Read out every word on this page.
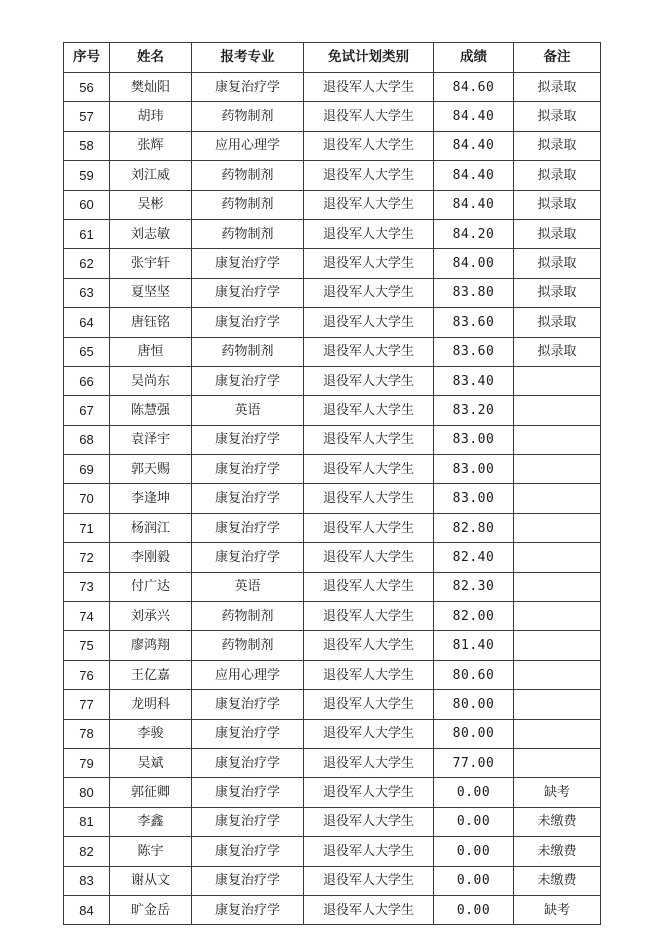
序号	姓名	报考专业	免试计划类别	成绩	备注
56	樊灿阳	康复治疗学	退役军人大学生	84.60	拟录取
57	胡玮	药物制剂	退役军人大学生	84.40	拟录取
58	张辉	应用心理学	退役军人大学生	84.40	拟录取
59	刘江威	药物制剂	退役军人大学生	84.40	拟录取
60	吴彬	药物制剂	退役军人大学生	84.40	拟录取
61	刘志敏	药物制剂	退役军人大学生	84.20	拟录取
62	张宇轩	康复治疗学	退役军人大学生	84.00	拟录取
63	夏坚坚	康复治疗学	退役军人大学生	83.80	拟录取
64	唐钰铭	康复治疗学	退役军人大学生	83.60	拟录取
65	唐恒	药物制剂	退役军人大学生	83.60	拟录取
66	吴尚东	康复治疗学	退役军人大学生	83.40	
67	陈慧强	英语	退役军人大学生	83.20	
68	袁泽宇	康复治疗学	退役军人大学生	83.00	
69	郭天赐	康复治疗学	退役军人大学生	83.00	
70	李逢坤	康复治疗学	退役军人大学生	83.00	
71	杨润江	康复治疗学	退役军人大学生	82.80	
72	李刚毅	康复治疗学	退役军人大学生	82.40	
73	付广达	英语	退役军人大学生	82.30	
74	刘承兴	药物制剂	退役军人大学生	82.00	
75	廖鸿翔	药物制剂	退役军人大学生	81.40	
76	王亿嘉	应用心理学	退役军人大学生	80.60	
77	龙明科	康复治疗学	退役军人大学生	80.00	
78	李骏	康复治疗学	退役军人大学生	80.00	
79	吴斌	康复治疗学	退役军人大学生	77.00	
80	郭征卿	康复治疗学	退役军人大学生	0.00	缺考
81	李鑫	康复治疗学	退役军人大学生	0.00	未缴费
82	陈宇	康复治疗学	退役军人大学生	0.00	未缴费
83	谢从文	康复治疗学	退役军人大学生	0.00	未缴费
84	旷金岳	康复治疗学	退役军人大学生	0.00	缺考
